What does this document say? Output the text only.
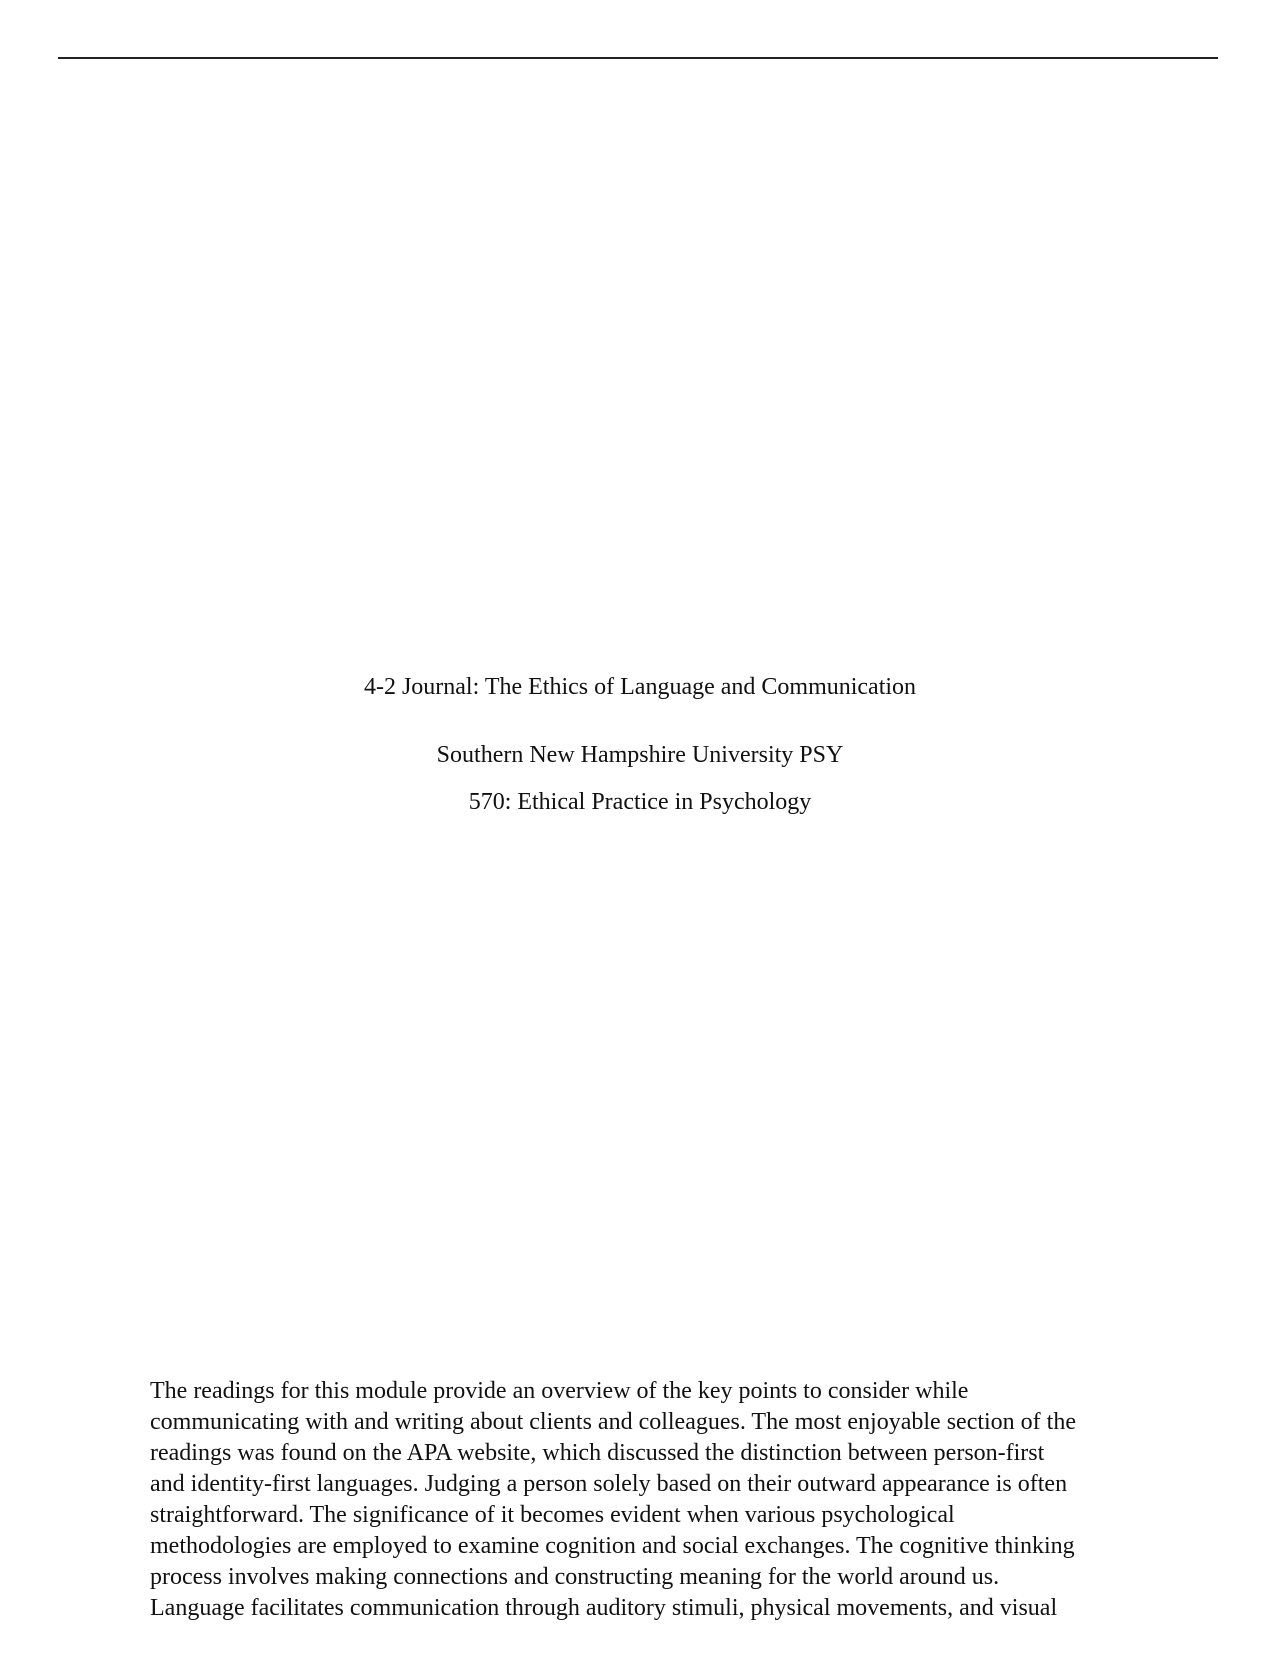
4-2 Journal: The Ethics of Language and Communication
Southern New Hampshire University PSY
570: Ethical Practice in Psychology
The readings for this module provide an overview of the key points to consider while
communicating with and writing about clients and colleagues. The most enjoyable section of the
readings was found on the APA website, which discussed the distinction between person-first
and identity-first languages. Judging a person solely based on their outward appearance is often
straightforward. The significance of it becomes evident when various psychological
methodologies are employed to examine cognition and social exchanges. The cognitive thinking
process involves making connections and constructing meaning for the world around us.
Language facilitates communication through auditory stimuli, physical movements, and visual
